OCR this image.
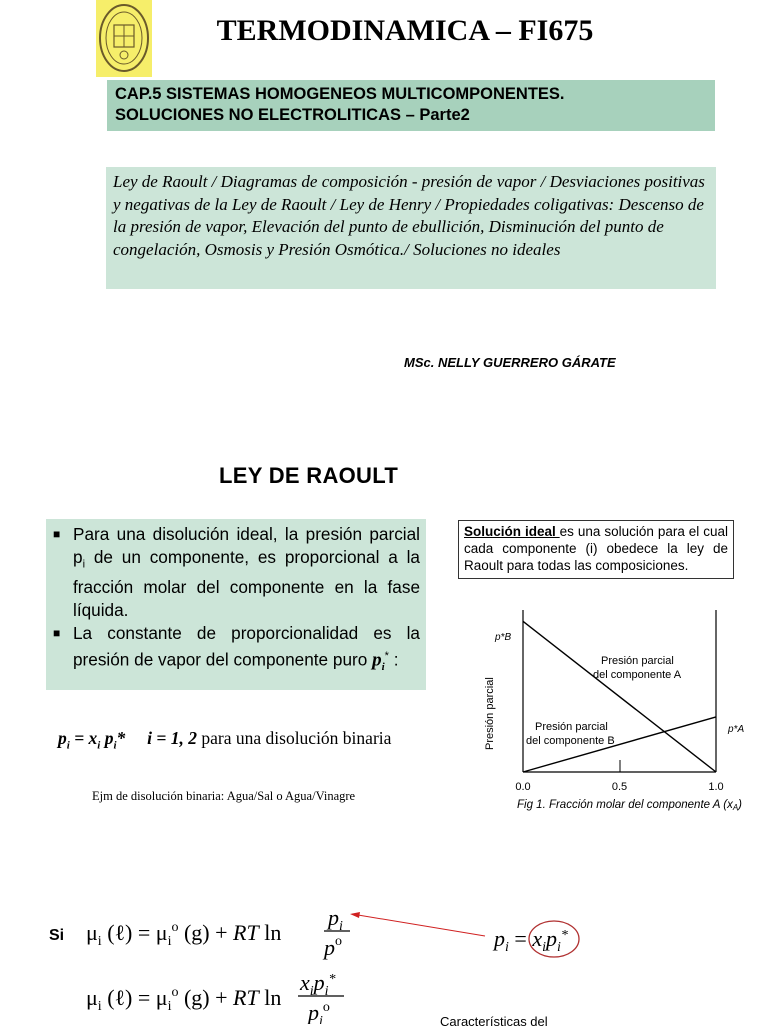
TERMODINAMICA – FI675
CAP.5 SISTEMAS HOMOGENEOS MULTICOMPONENTES.
SOLUCIONES NO ELECTROLITICAS – Parte2
Ley de Raoult / Diagramas de composición - presión de vapor / Desviaciones positivas y negativas de la Ley de Raoult / Ley de Henry / Propiedades coligativas: Descenso de la presión de vapor, Elevación del punto de ebullición, Disminución del punto de congelación, Osmosis y Presión Osmótica./ Soluciones no ideales
MSc. NELLY GUERRERO GÁRATE
LEY DE RAOULT
■ Para una disolución ideal, la presión parcial $p_i$ de un componente, es proporcional a la fracción molar del componente en la fase líquida.
■ La constante de proporcionalidad es la presión de vapor del componente puro $p_i^*$ :
$p_i = x_i$ $p_i*$ i = 1, 2 para una disolución binaria
Ejm de disolución binaria: Agua/Sal o Agua/Vinagre
Solución ideal es una solución para el cual cada componente (i) obedece la ley de Raoult para todas las composiciones.
Presión parcial
p*B
p*A
0.0	0.5	1.0
Presión parcial
del componente A
Presión parcial
del componente B
Fig 1. Fracción molar del componente A (xA)
Si $\mu_i$ (ℓ) = $\mu_i^o$ (g) + RT ln
$p_i$
$p^o$
$\mu_i$ (ℓ) = $\mu_i^o$ (g) + RT ln
$x_ip_i^*$
$p_i^o$
$p_i = x_ip_i^*$
Características del
